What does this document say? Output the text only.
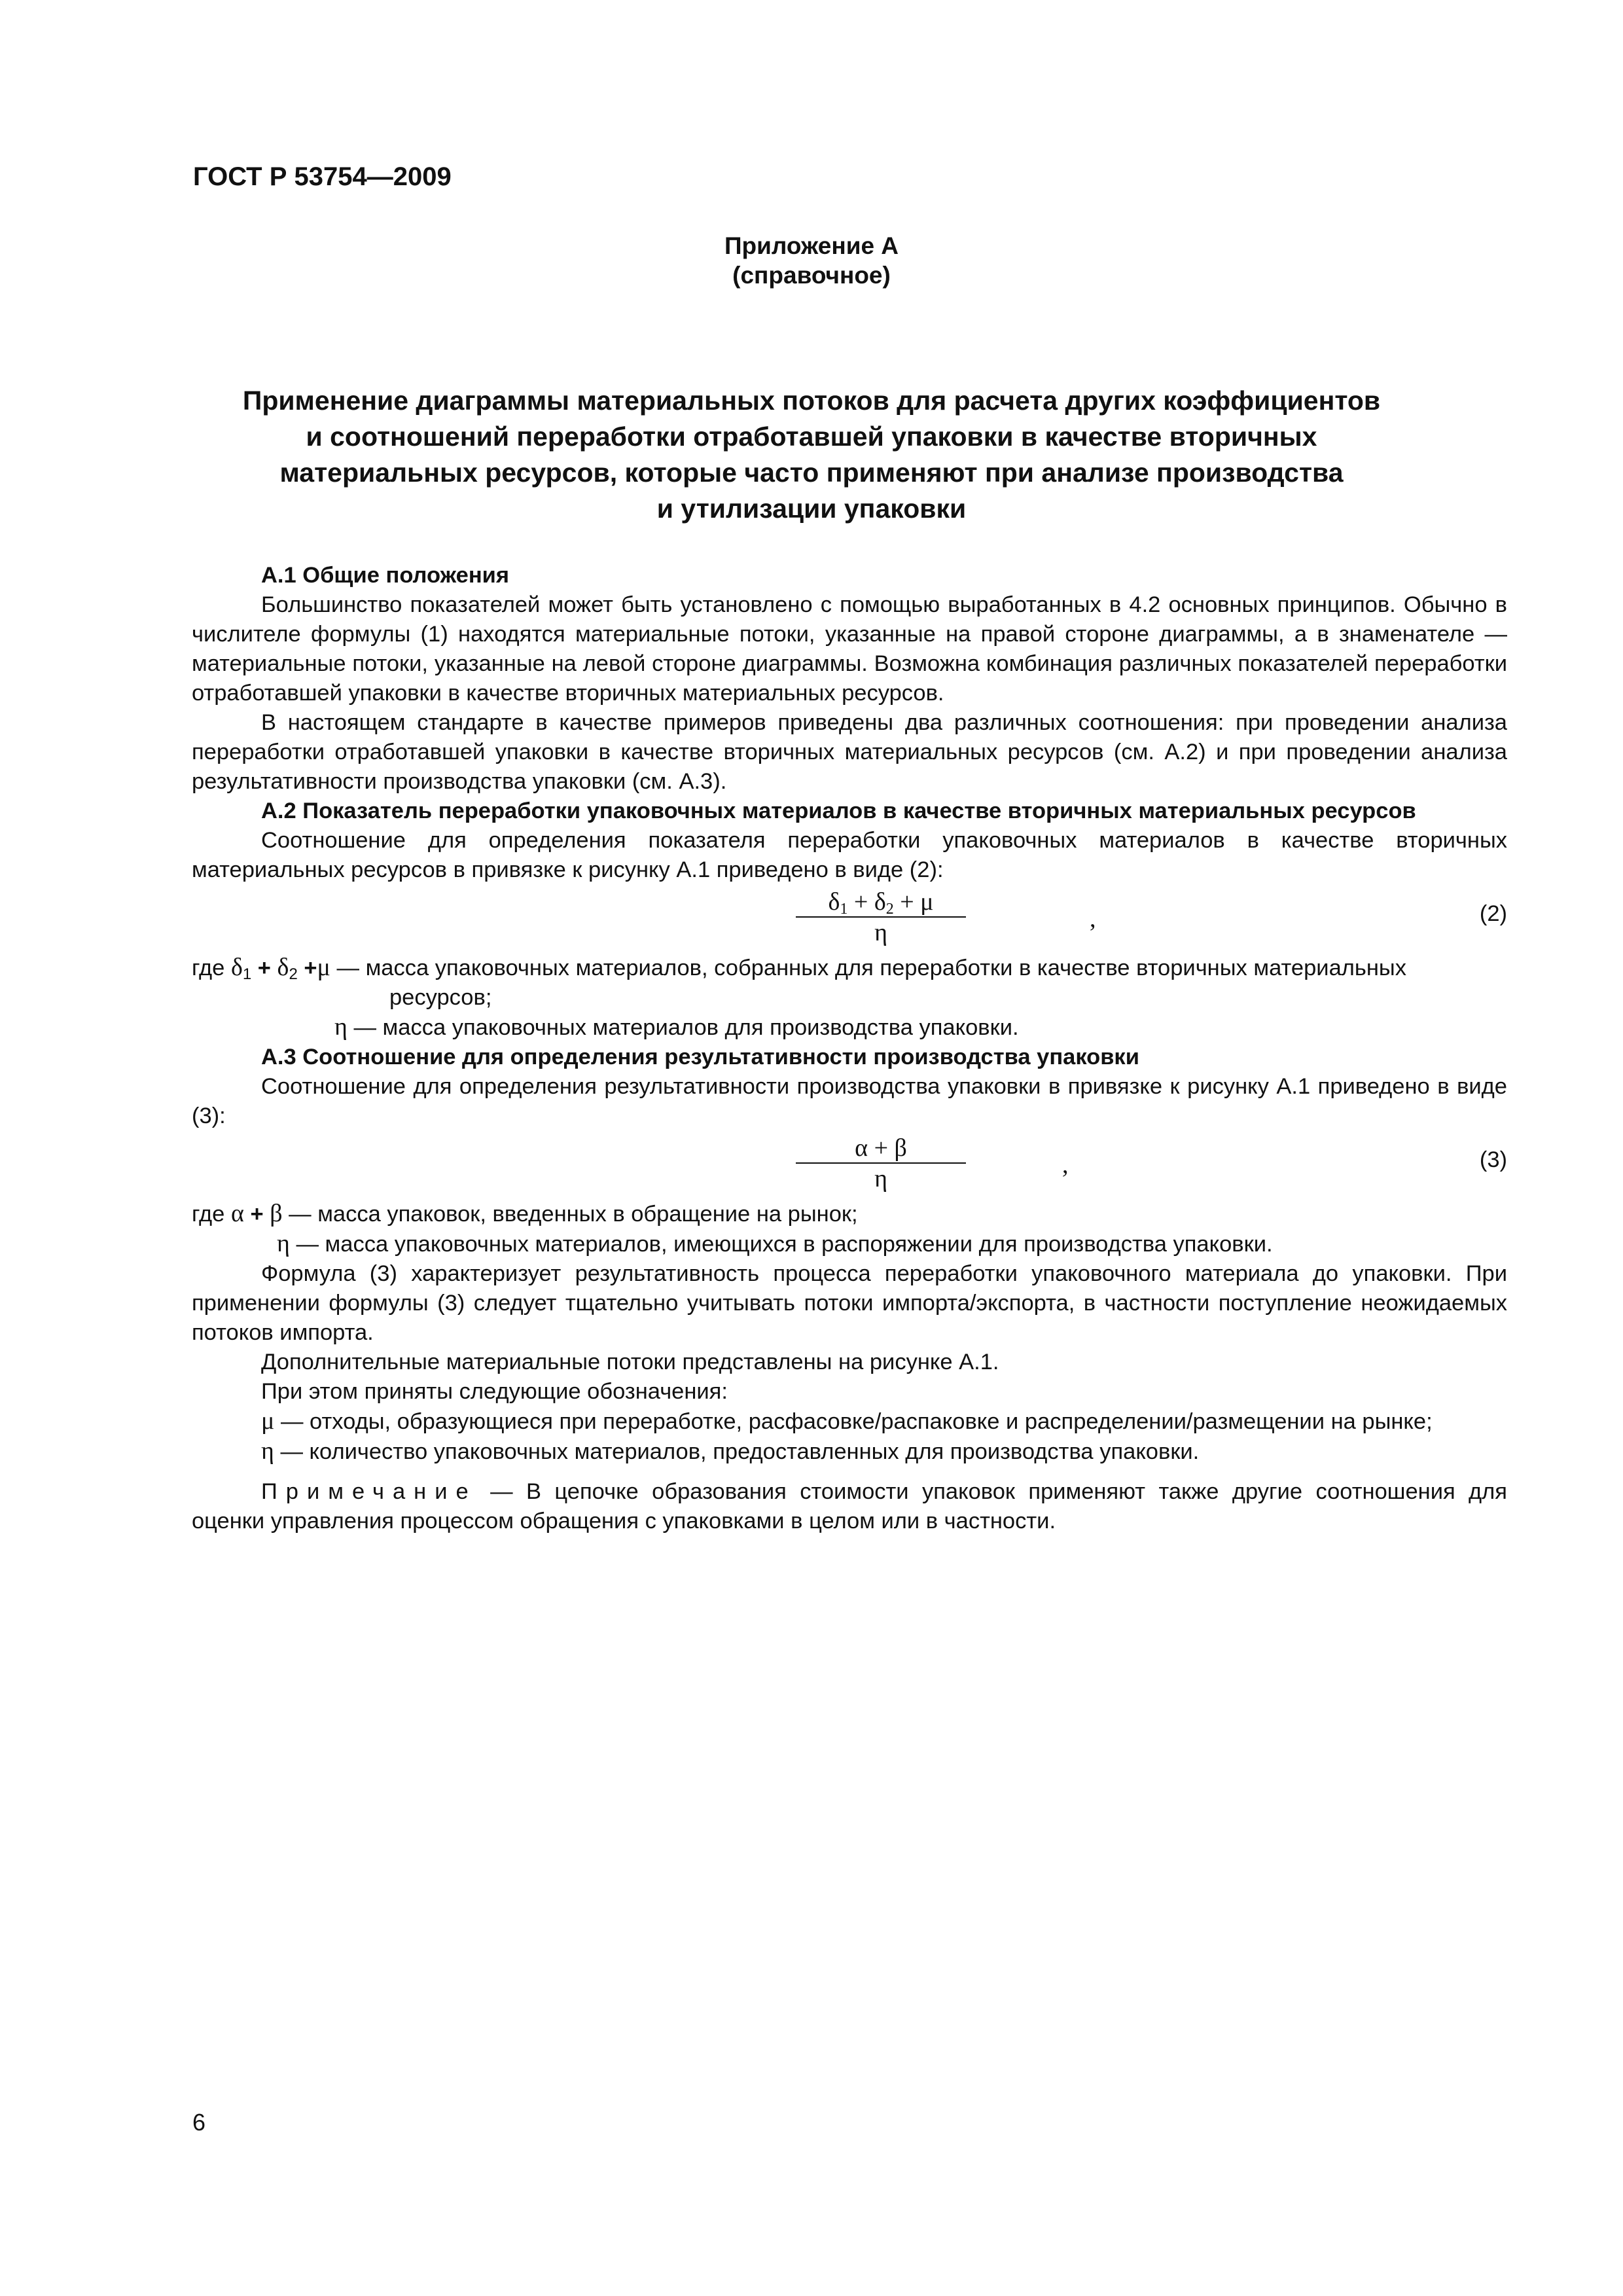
ГОСТ Р 53754—2009
Приложение А
(справочное)
Применение диаграммы материальных потоков для расчета других коэффициентов
и соотношений переработки отработавшей упаковки в качестве вторичных
материальных ресурсов, которые часто применяют при анализе производства
и утилизации упаковки

А.1 Общие положения

Большинство показателей может быть установлено с помощью выработанных в 4.2 основных принципов. Обычно в числителе формулы (1) находятся материальные потоки, указанные на правой стороне диаграммы, а в знаменателе — материальные потоки, указанные на левой стороне диаграммы. Возможна комбинация различных показателей переработки отработавшей упаковки в качестве вторичных материальных ресурсов.

В настоящем стандарте в качестве примеров приведены два различных соотношения: при проведении анализа переработки отработавшей упаковки в качестве вторичных материальных ресурсов (см. А.2) и при проведении анализа результативности производства упаковки (см. А.3).

А.2 Показатель переработки упаковочных материалов в качестве вторичных материальных ресурсов

Соотношение для определения показателя переработки упаковочных материалов в качестве вторичных материальных ресурсов в привязке к рисунку А.1 приведено в виде (2):

$\delta_1 + \delta_2 + \mu$
η	,	(2)

где $\delta_1 + \delta_2 +\mu$ — масса упаковочных материалов, собранных для переработки в качестве вторичных материальных

ресурсов;

η — масса упаковочных материалов для производства упаковки.

А.3 Соотношение для определения результативности производства упаковки

Соотношение для определения результативности производства упаковки в привязке к рисунку А.1 приведено в виде (3):

α + β
η	,	(3)

где α + β — масса упаковок, введенных в обращение на рынок;

η — масса упаковочных материалов, имеющихся в распоряжении для производства упаковки.

Формула (3) характеризует результативность процесса переработки упаковочного материала до упаковки. При применении формулы (3) следует тщательно учитывать потоки импорта/экспорта, в частности поступление неожидаемых потоков импорта.

Дополнительные материальные потоки представлены на рисунке А.1.

При этом приняты следующие обозначения:

μ — отходы, образующиеся при переработке, расфасовке/распаковке и распределении/размещении на рынке;

η — количество упаковочных материалов, предоставленных для производства упаковки.

Примечание — В цепочке образования стоимости упаковок применяют также другие соотношения для оценки управления процессом обращения с упаковками в целом или в частности.

6
